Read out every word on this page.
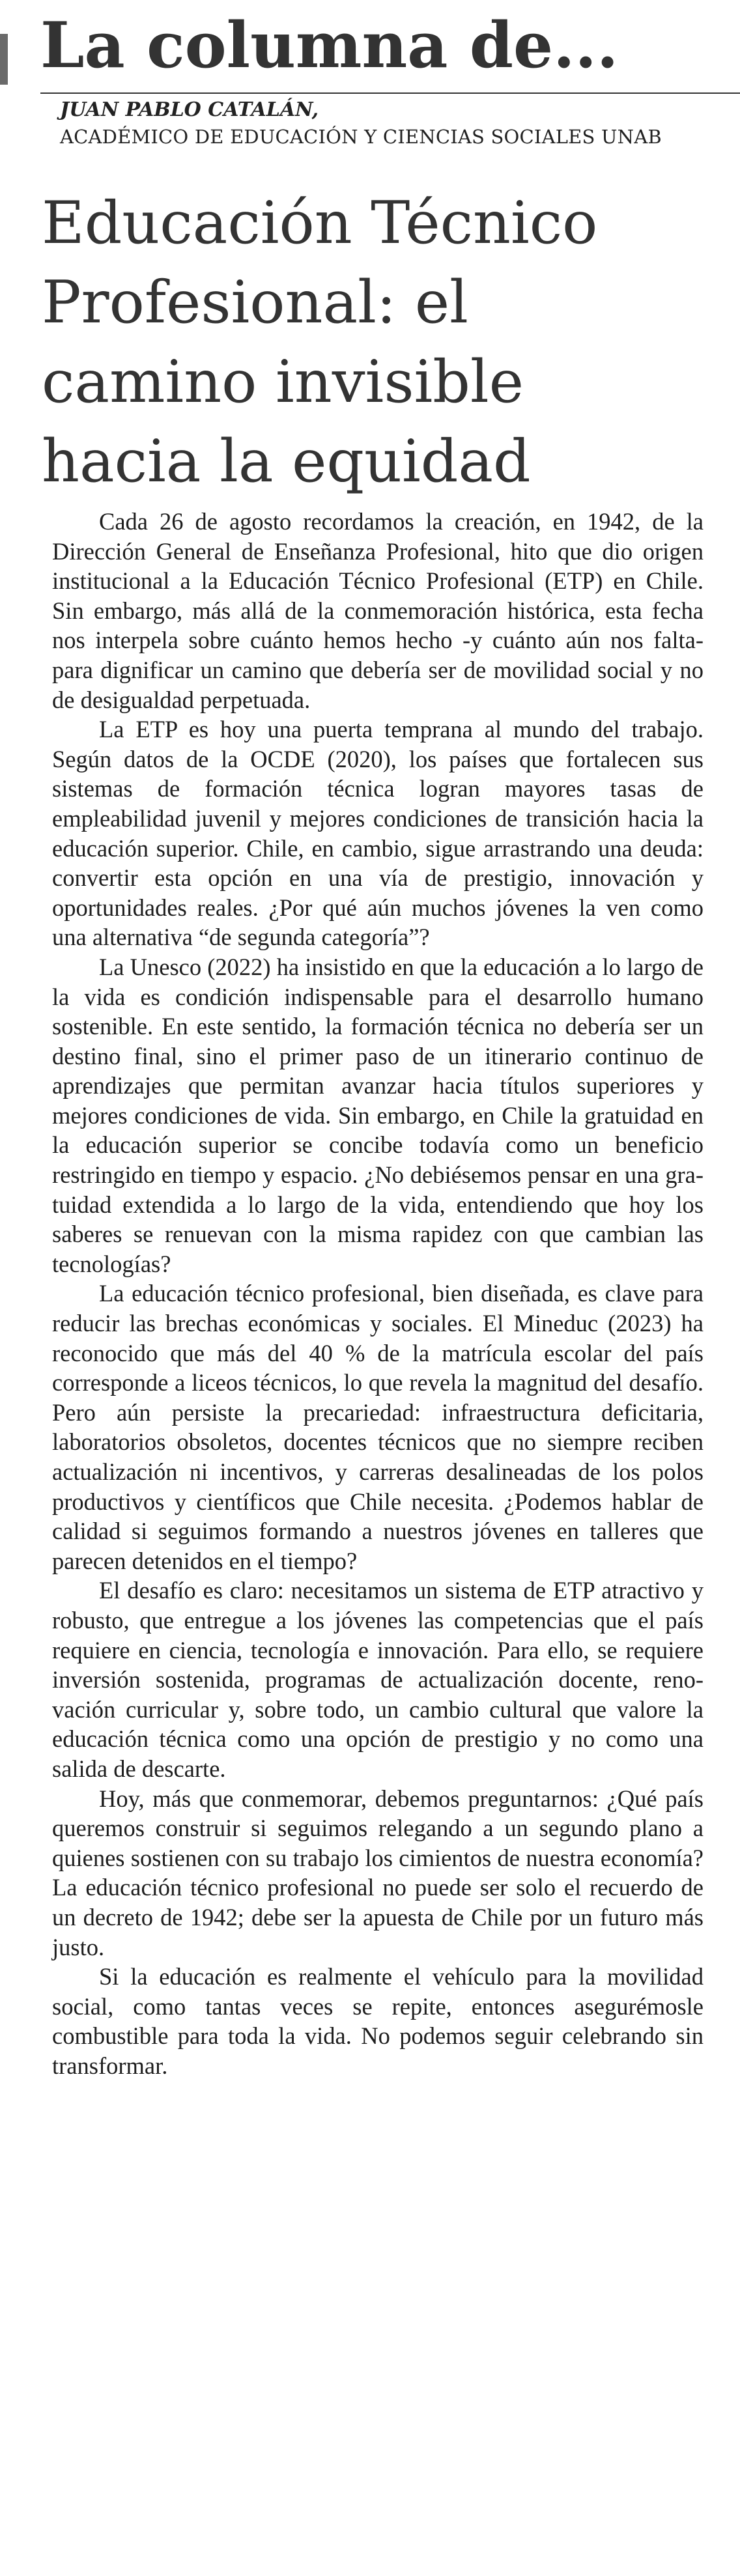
La columna de...
JUAN PABLO CATALÁN,
ACADÉMICO DE EDUCACIÓN Y CIENCIAS SOCIALES UNAB
Educación Técnico
Profesional: el
camino invisible
hacia la equidad

Cada 26 de agosto recordamos la creación, en 1942, de la Dirección General de Enseñanza Profesional, hito que dio origen institucional a la Educación Técnico Profesional (ETP) en Chile. Sin embargo, más allá de la conmemoración histórica, esta fecha nos interpela sobre cuánto hemos hecho -y cuánto aún nos falta- para dignificar un camino que debería ser de movilidad social y no de desigualdad perpetuada.

La ETP es hoy una puerta temprana al mundo del trabajo. Según datos de la OCDE (2020), los países que fortalecen sus sistemas de formación técnica logran mayores tasas de empleabilidad juvenil y mejores condiciones de transición hacia la educación superior. Chile, en cambio, sigue arrastrando una deuda: convertir esta opción en una vía de prestigio, innovación y oportunidades reales. ¿Por qué aún muchos jóvenes la ven como una alternativa “de segunda categoría”?

La Unesco (2022) ha insistido en que la educación a lo largo de la vida es condición indispensable para el desarrollo humano sostenible. En este sentido, la formación técnica no debería ser un destino final, sino el primer paso de un itinerario continuo de aprendizajes que permitan avanzar hacia títulos superiores y mejores condiciones de vida. Sin embargo, en Chile la gratuidad en la educación superior se concibe todavía como un beneficio restringido en tiempo y espacio. ¿No debiésemos pensar en una gratuidad extendida a lo largo de la vida, entendiendo que hoy los saberes se renuevan con la misma rapidez con que cambian las tecnologías?

La educación técnico profesional, bien diseñada, es clave para reducir las brechas económicas y sociales. El Mineduc (2023) ha reconocido que más del 40 % de la matrícula escolar del país corresponde a liceos técnicos, lo que revela la magnitud del desafío. Pero aún persiste la precariedad: infraestructura deficitaria, laboratorios obsoletos, docentes técnicos que no siempre reciben actualización ni incentivos, y carreras desalineadas de los polos productivos y científicos que Chile necesita. ¿Podemos hablar de calidad si seguimos formando a nuestros jóvenes en talleres que parecen detenidos en el tiempo?

El desafío es claro: necesitamos un sistema de ETP atractivo y robusto, que entregue a los jóvenes las competencias que el país requiere en ciencia, tecnología e innovación. Para ello, se requiere inversión sostenida, programas de actualización docente, renovación curricular y, sobre todo, un cambio cultural que valore la educación técnica como una opción de prestigio y no como una salida de descarte.

Hoy, más que conmemorar, debemos preguntarnos: ¿Qué país queremos construir si seguimos relegando a un segundo plano a quienes sostienen con su trabajo los cimientos de nuestra economía? La educación técnico profesional no puede ser solo el recuerdo de un decreto de 1942; debe ser la apuesta de Chile por un futuro más justo.

Si la educación es realmente el vehículo para la movilidad social, como tantas veces se repite, entonces asegurémosle combustible para toda la vida. No podemos seguir celebrando sin transformar.
